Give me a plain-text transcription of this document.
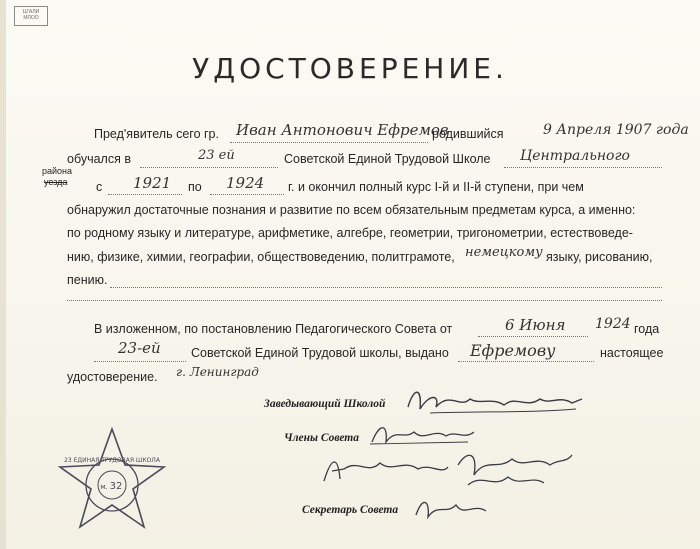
ЦГАЛИ МЛОО
УДОСТОВЕРЕНИЕ.
Пред'явитель сего гр. Иван Антонович Ефремов
родившийся	9 Апреля 1907 года
обучался в	23 ей	Советской Единой Трудовой Школе Центрального
района
уезда с 1921 по 1924 г. и окончил полный курс I-й и II-й ступени, при чем
обнаружил достаточные познания и развитие по всем обязательным предметам курса, а именно:
по родному языку и литературе, арифметике, алгебре, геометрии, тригонометрии, естествоведе-
нию, физике, химии, географии, обществоведению, политграмоте, немецкому языку, рисованию,
пению.
В изложенном, по постановлению Педагогического Совета от	6 Июня 1924 года
23-ей Советской Единой Трудовой школы, выдано Ефремову	настоящее
удостоверение. г. Ленинград
Заведывающий Школой
Члены Совета
Секретарь Совета
23 ЕДИНАЯ ТРУДОВАЯ ШКОЛА
м. 32
